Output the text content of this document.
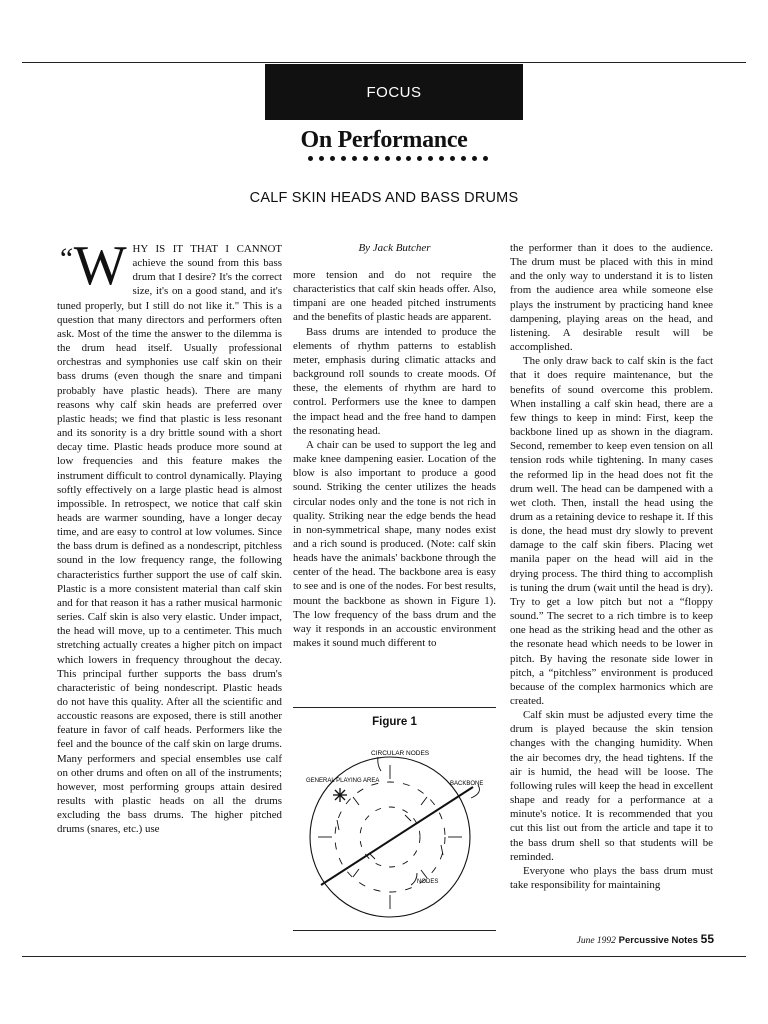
FOCUS
On Performance
CALF SKIN HEADS AND BASS DRUMS

“W HY IS IT THAT I CANNOT achieve the sound from this bass drum that I desire? It's the correct size, it's on a good stand, and it's tuned properly, but I still do not like it." This is a question that many directors and performers often ask. Most of the time the answer to the dilemma is the drum head itself. Usually professional orchestras and symphonies use calf skin on their bass drums (even though the snare and timpani probably have plastic heads). There are many reasons why calf skin heads are preferred over plastic heads; we find that plastic is less resonant and its sonority is a dry brittle sound with a short decay time. Plastic heads produce more sound at low frequencies and this feature makes the instrument difficult to control dynamically. Playing softly effectively on a large plastic head is almost impossible. In retrospect, we notice that calf skin heads are warmer sounding, have a longer decay time, and are easy to control at low volumes. Since the bass drum is defined as a nondescript, pitchless sound in the low frequency range, the following characteristics further support the use of calf skin. Plastic is a more consistent material than calf skin and for that reason it has a rather musical harmonic series. Calf skin is also very elastic. Under impact, the head will move, up to a centimeter. This much stretching actually creates a higher pitch on impact which lowers in frequency throughout the decay. This principal further supports the bass drum's characteristic of being nondescript. Plastic heads do not have this quality. After all the scientific and accoustic reasons are exposed, there is still another feature in favor of calf heads. Performers like the feel and the bounce of the calf skin on large drums. Many performers and special ensembles use calf on other drums and often on all of the instruments; however, most performing groups attain desired results with plastic heads on all the drums excluding the bass drums. The higher pitched drums (snares, etc.) use

By Jack Butcher

more tension and do not require the characteristics that calf skin heads offer. Also, timpani are one headed pitched instruments and the benefits of plastic heads are apparent.

Bass drums are intended to produce the elements of rhythm patterns to establish meter, emphasis during climatic attacks and background roll sounds to create moods. Of these, the elements of rhythm are hard to control. Performers use the knee to dampen the impact head and the free hand to dampen the resonating head.

A chair can be used to support the leg and make knee dampening easier. Location of the blow is also important to produce a good sound. Striking the center utilizes the heads circular nodes only and the tone is not rich in quality. Striking near the edge bends the head in non-symmetrical shape, many nodes exist and a rich sound is produced. (Note: calf skin heads have the animals' backbone through the center of the head. The backbone area is easy to see and is one of the nodes. For best results, mount the backbone as shown in Figure 1). The low frequency of the bass drum and the way it responds in an accoustic environment makes it sound much different to

Figure 1
CIRCULAR NODES
GENERAL PLAYING AREA	BACKBONE
NODES

the performer than it does to the audience. The drum must be placed with this in mind and the only way to understand it is to listen from the audience area while someone else plays the instrument by practicing hand knee dampening, playing areas on the head, and listening. A desirable result will be accomplished.

The only draw back to calf skin is the fact that it does require maintenance, but the benefits of sound overcome this problem. When installing a calf skin head, there are a few things to keep in mind: First, keep the backbone lined up as shown in the diagram. Second, remember to keep even tension on all tension rods while tightening. In many cases the reformed lip in the head does not fit the drum well. The head can be dampened with a wet cloth. Then, install the head using the drum as a retaining device to reshape it. If this is done, the head must dry slowly to prevent damage to the calf skin fibers. Placing wet manila paper on the head will aid in the drying process. The third thing to accomplish is tuning the drum (wait until the head is dry). Try to get a low pitch but not a “floppy sound.” The secret to a rich timbre is to keep one head as the striking head and the other as the resonate head which needs to be lower in pitch. By having the resonate side lower in pitch, a “pitchless” environment is produced because of the complex harmonics which are created.

Calf skin must be adjusted every time the drum is played because the skin tension changes with the changing humidity. When the air becomes dry, the head tightens. If the air is humid, the head will be loose. The following rules will keep the head in excellent shape and ready for a performance at a minute's notice. It is recommended that you cut this list out from the article and tape it to the bass drum shell so that students will be reminded.

Everyone who plays the bass drum must take responsibility for maintaining

June 1992 Percussive Notes 55
